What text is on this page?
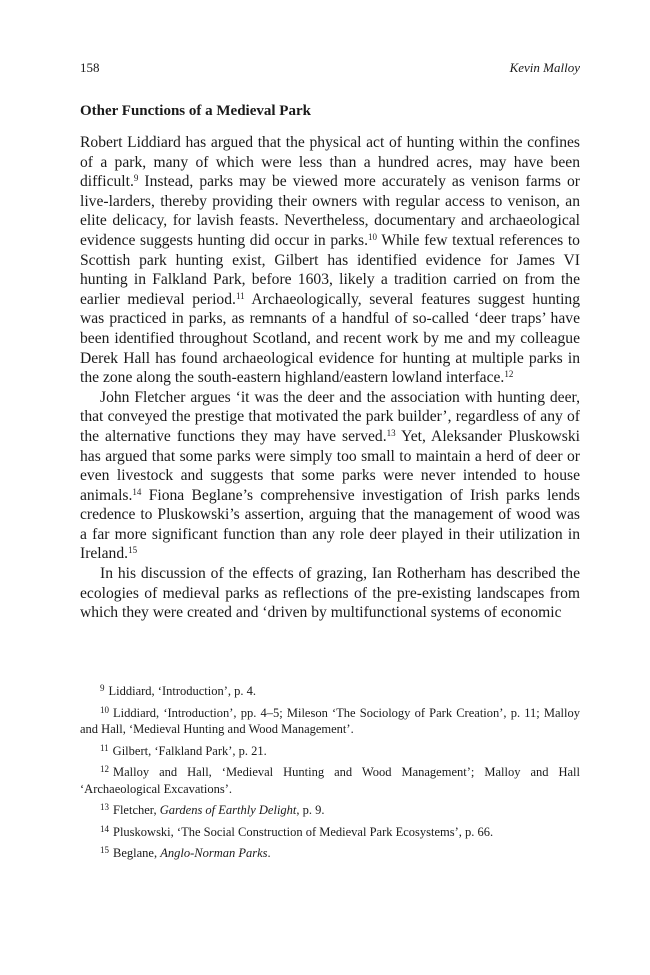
158	Kevin Malloy
Other Functions of a Medieval Park

Robert Liddiard has argued that the physical act of hunting within the confines of a park, many of which were less than a hundred acres, may have been difficult.$^9$ Instead, parks may be viewed more accurately as venison farms or live-larders, thereby providing their owners with regular access to venison, an elite delicacy, for lavish feasts. Nevertheless, documentary and archaeological evidence suggests hunting did occur in parks.$^{10}$ While few textual references to Scottish park hunting exist, Gilbert has identified evidence for James VI hunting in Falkland Park, before 1603, likely a tradition carried on from the earlier medieval period.$^{11}$ Archaeologically, several features suggest hunting was practiced in parks, as remnants of a handful of so-called ‘deer traps’ have been identified throughout Scotland, and recent work by me and my colleague Derek Hall has found archaeological evidence for hunting at multiple parks in the zone along the south-eastern highland/eastern lowland interface.$^{12}$

John Fletcher argues ‘it was the deer and the association with hunting deer, that conveyed the prestige that motivated the park builder’, regardless of any of the alternative functions they may have served.$^{13}$ Yet, Aleksander Pluskowski has argued that some parks were simply too small to maintain a herd of deer or even livestock and suggests that some parks were never intended to house animals.$^{14}$ Fiona Beglane’s comprehensive investigation of Irish parks lends credence to Pluskowski’s assertion, arguing that the management of wood was a far more significant function than any role deer played in their utilization in Ireland.$^{15}$

In his discussion of the effects of grazing, Ian Rotherham has described the ecologies of medieval parks as reflections of the pre-existing landscapes from which they were created and ‘driven by multifunctional systems of economic

$^9$ Liddiard, ‘Introduction’, p. 4.
$^{10}$ Liddiard, ‘Introduction’, pp. 4–5; Mileson ‘The Sociology of Park Creation’, p. 11; Malloy and Hall, ‘Medieval Hunting and Wood Management’.
$^{11}$ Gilbert, ‘Falkland Park’, p. 21.
$^{12}$ Malloy and Hall, ‘Medieval Hunting and Wood Management’; Malloy and Hall ‘Archaeological Excavations’.
$^{13}$ Fletcher, Gardens of Earthly Delight, p. 9.
$^{14}$ Pluskowski, ‘The Social Construction of Medieval Park Ecosystems’, p. 66.
$^{15}$ Beglane, Anglo-Norman Parks.
